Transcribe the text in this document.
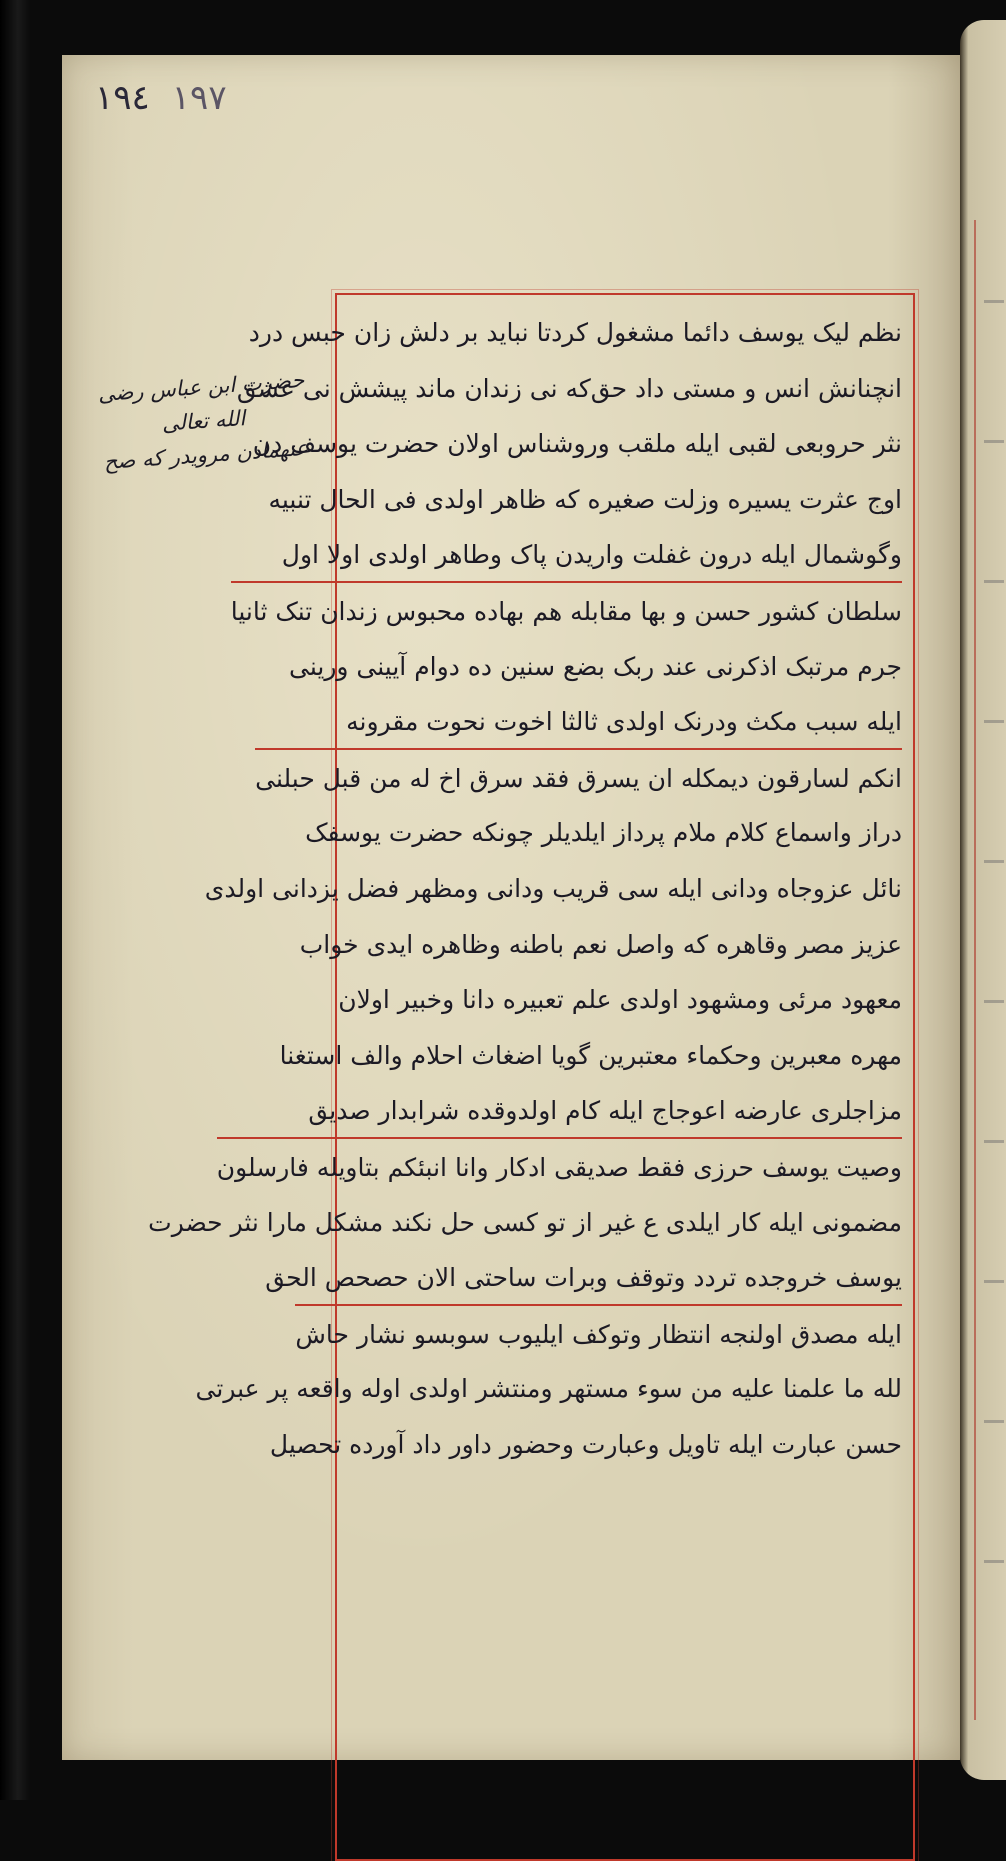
١٩٤ ١٩٧
حضرت ابن عباس رضی الله تعالی
عنهمادن مرویدر که صح
نظم لیک یوسف دائما مشغول کرد
تا نباید بر دلش زان حبس درد
انچنانش انس و مستی داد حق
که نی زندان ماند پیشش نی عشق
نثر حروبعی لقبی ایله ملقب وروشناس اولان حضرت یوسف دن
اوج عثرت یسیره وزلت صغیره که ظاهر اولدی فی الحال تنبیه
وگوشمال ایله درون غفلت واریدن پاک وطاهر اولدی اولا اول
سلطان کشور حسن و بها مقابله هم بهاده محبوس زندان تنک ثانیا
جرم مرتبک اذکرنی عند ربک بضع سنین ده دوام آیینی ورینی
ایله سبب مکث ودرنک اولدی ثالثا اخوت نحوت مقرونه
انکم لسارقون دیمکله ان یسرق فقد سرق اخ له من قبل حبلنی
دراز واسماع کلام ملام پرداز ایلدیلر چونکه حضرت یوسفک
نائل عزوجاه ودانی ایله سی قریب ودانی ومظهر فضل یزدانی اولدی
عزیز مصر وقاهره که واصل نعم باطنه وظاهره ایدی خواب
معهود مرئی ومشهود اولدی علم تعبیره دانا وخبیر اولان
مهره معبرین وحکماء معتبرین گویا اضغاث احلام والف استغنا
مزاجلری عارضه اعوجاج ایله کام اولدوقده شرابدار صدیق
وصیت یوسف حرزی فقط صدیقی ادکار وانا انبئکم بتاویله فارسلون
مضمونی ایله کار ایلدی ع غیر از تو کسی حل نکند مشکل مارا نثر حضرت
یوسف خروجده تردد وتوقف وبرات ساحتی الان حصحص الحق
ایله مصدق اولنجه انتظار وتوکف ایلیوب سوبسو نشار حاش
لله ما علمنا علیه من سوء مستهر ومنتشر اولدی اوله واقعه پر عبرتی
حسن عبارت ایله تاویل وعبارت وحضور داور داد آورده تحصیل
